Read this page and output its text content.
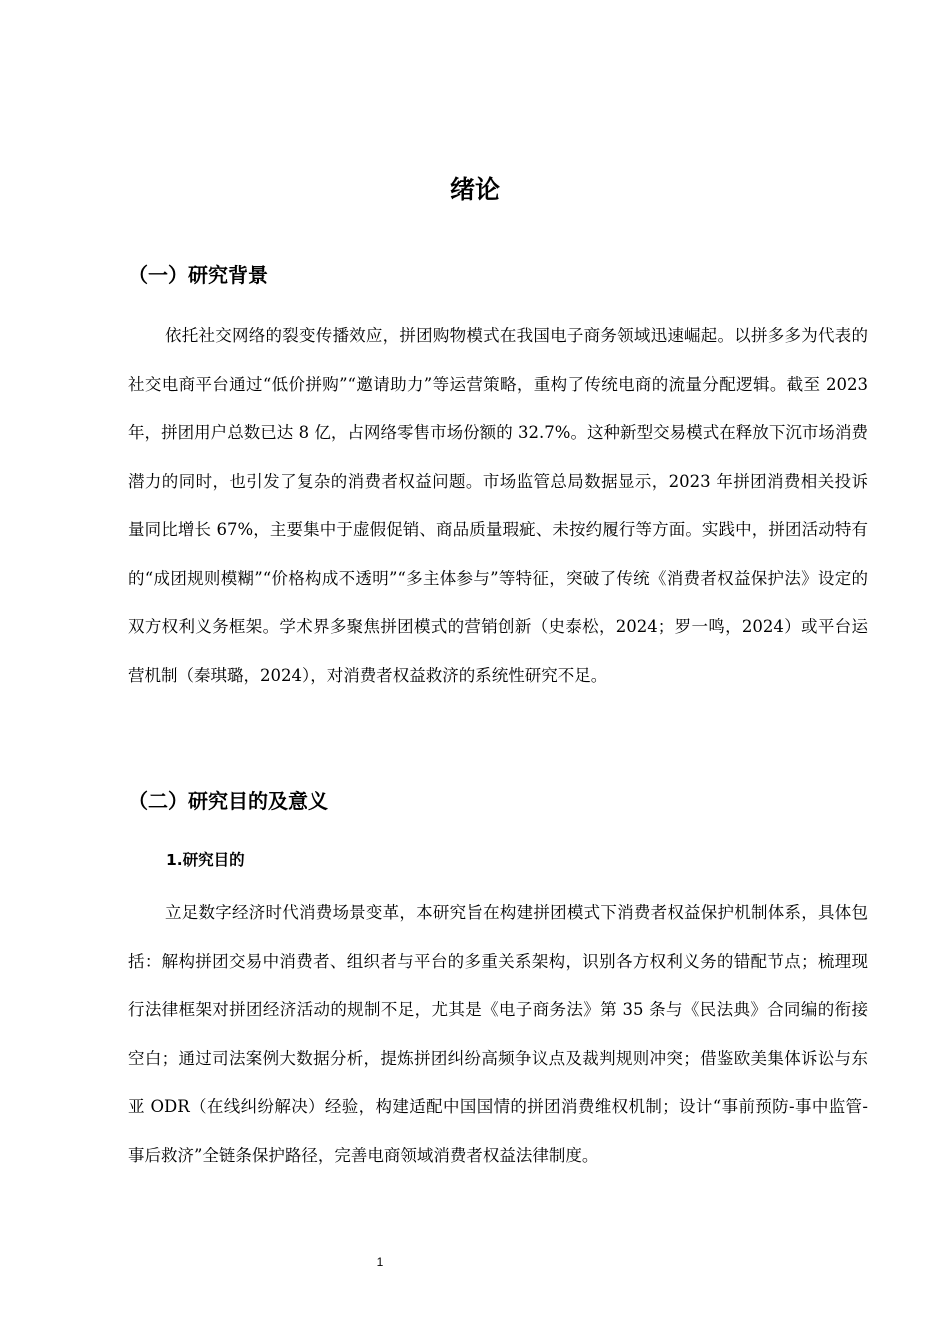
绪论
（一）研究背景

依托社交网络的裂变传播效应，拼团购物模式在我国电子商务领域迅速崛起。以拼多多为代表的社交电商平台通过“低价拼购”“邀请助力”等运营策略，重构了传统电商的流量分配逻辑。截至 2023 年，拼团用户总数已达 8 亿，占网络零售市场份额的 32.7%。这种新型交易模式在释放下沉市场消费潜力的同时，也引发了复杂的消费者权益问题。市场监管总局数据显示，2023 年拼团消费相关投诉量同比增长 67%，主要集中于虚假促销、商品质量瑕疵、未按约履行等方面。实践中，拼团活动特有的“成团规则模糊”“价格构成不透明”“多主体参与”等特征，突破了传统《消费者权益保护法》设定的双方权利义务框架。学术界多聚焦拼团模式的营销创新（史泰松，2024；罗一鸣，2024）或平台运营机制（秦琪璐，2024），对消费者权益救济的系统性研究不足。

（二）研究目的及意义
1.研究目的

立足数字经济时代消费场景变革，本研究旨在构建拼团模式下消费者权益保护机制体系，具体包括：解构拼团交易中消费者、组织者与平台的多重关系架构，识别各方权利义务的错配节点；梳理现行法律框架对拼团经济活动的规制不足，尤其是《电子商务法》第 35 条与《民法典》合同编的衔接空白；通过司法案例大数据分析，提炼拼团纠纷高频争议点及裁判规则冲突；借鉴欧美集体诉讼与东亚 ODR（在线纠纷解决）经验，构建适配中国国情的拼团消费维权机制；设计“事前预防-事中监管-事后救济”全链条保护路径，完善电商领域消费者权益法律制度。

1
